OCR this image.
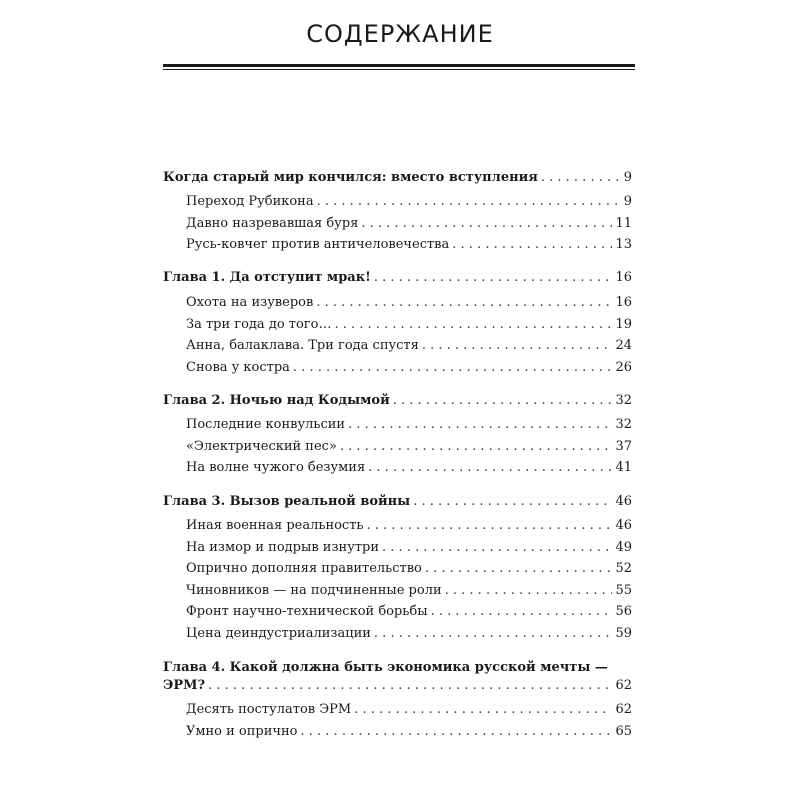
СОДЕРЖАНИЕ
Когда старый мир кончился: вместо вступления . . .	9
Переход Рубикона . . .	9
Давно назревавшая буря . . .	11
Русь-ковчег против античеловечества . . .	13
Глава 1. Да отступит мрак! . . .	16
Охота на изуверов . . .	16
За три года до того… . . .	19
Анна, балаклава. Три года спустя . . .	24
Снова у костра . . .	26
Глава 2. Ночью над Кодымой . . .	32
Последние конвульсии . . .	32
«Электрический пес» . . .	37
На волне чужого безумия . . .	41
Глава 3. Вызов реальной войны . . .	46
Иная военная реальность . . .	46
На измор и подрыв изнутри . . .	49
Опрично дополняя правительство . . .	52
Чиновников — на подчиненные роли . . .	55
Фронт научно-технической борьбы . . .	56
Цена деиндустриализации . . .	59
Глава 4. Какой должна быть экономика русской мечты —
ЭРМ? . . .	62
Десять постулатов ЭРМ . . .	62
Умно и опрично . . .	65
